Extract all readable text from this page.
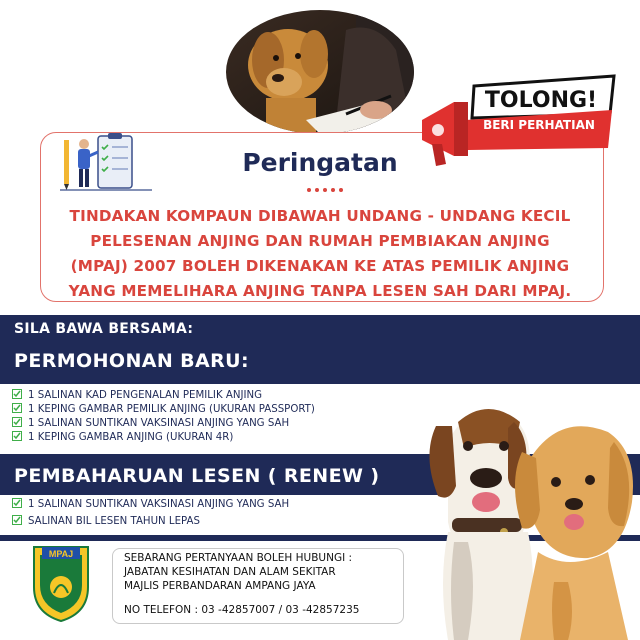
Peringatan
TINDAKAN KOMPAUN DIBAWAH UNDANG - UNDANG KECIL
PELESENAN ANJING DAN RUMAH PEMBIAKAN ANJING
(MPAJ) 2007 BOLEH DIKENAKAN KE ATAS PEMILIK ANJING
YANG MEMELIHARA ANJING TANPA LESEN SAH DARI MPAJ.
TOLONG!
BERI PERHATIAN
SILA BAWA BERSAMA:
PERMOHONAN BARU:
1 SALINAN KAD PENGENALAN PEMILIK ANJING
1 KEPING GAMBAR PEMILIK ANJING (UKURAN PASSPORT)
1 SALINAN SUNTIKAN VAKSINASI ANJING YANG SAH
1 KEPING GAMBAR ANJING (UKURAN 4R)
PEMBAHARUAN LESEN ( RENEW )
1 SALINAN SUNTIKAN VAKSINASI ANJING YANG SAH
SALINAN BIL LESEN TAHUN LEPAS
MPAJ	SEBARANG PERTANYAAN BOLEH HUBUNGI :
JABATAN KESIHATAN DAN ALAM SEKITAR
MAJLIS PERBANDARAN AMPANG JAYA
NO TELEFON : 03 -42857007 / 03 -42857235
